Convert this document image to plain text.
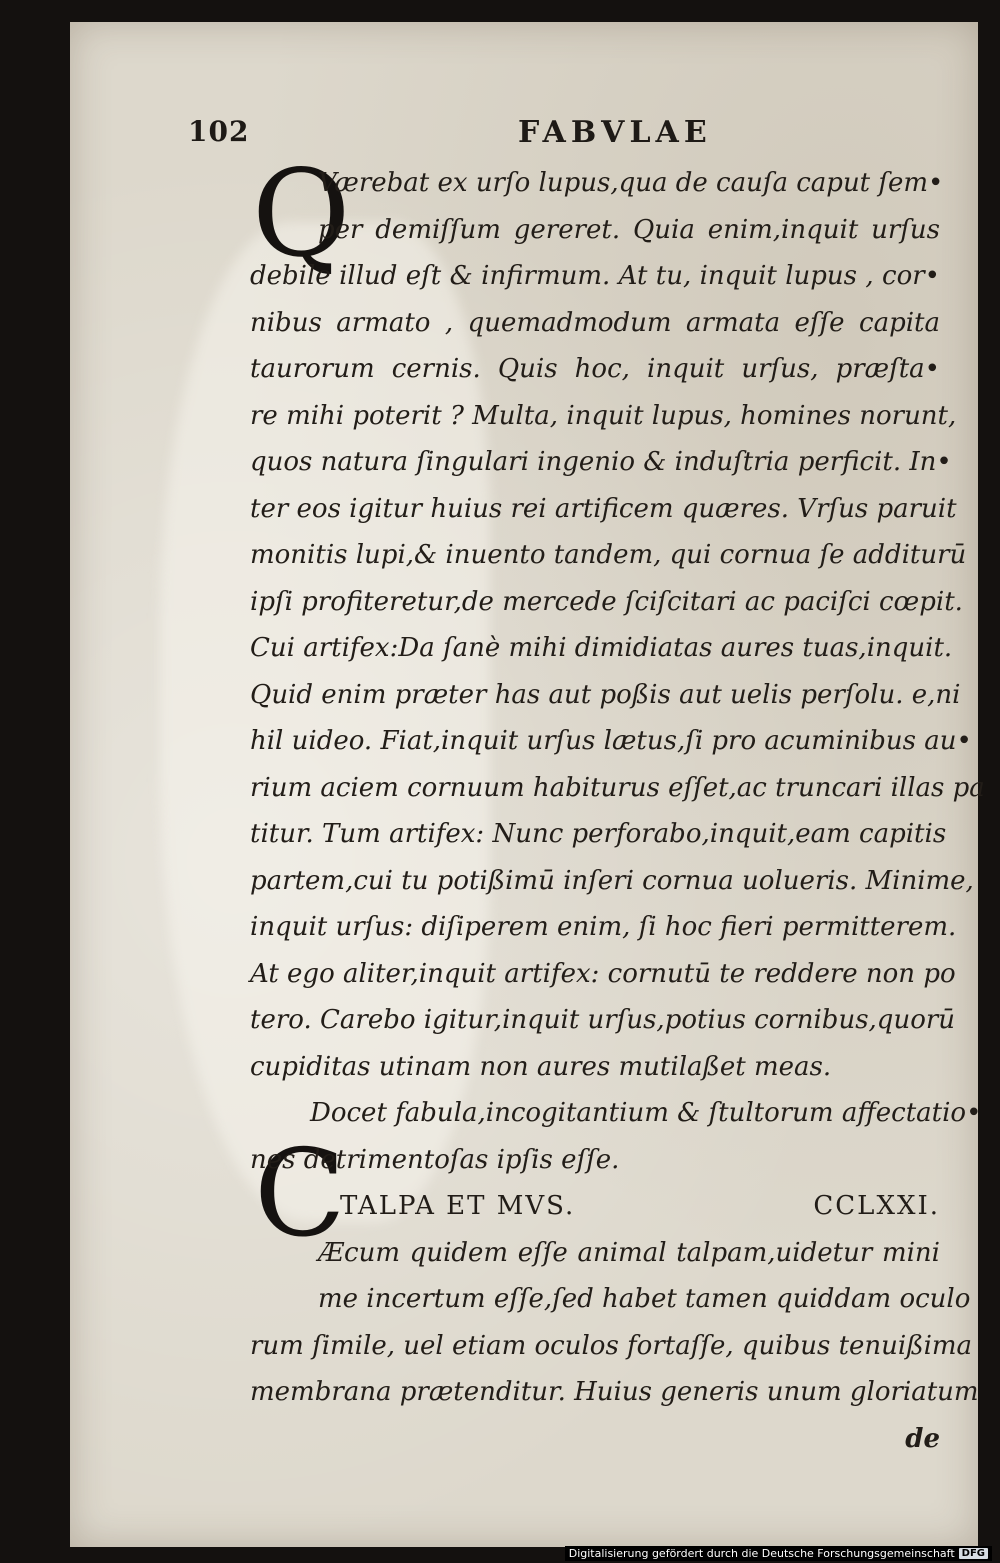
102	FABVLAE
Q
C
Værebat ex urſo lupus,qua de cauſa caput ſem•
per demiſſum gereret. Quia enim,inquit urſus
debile illud eſt & infirmum. At tu, inquit lupus , cor•
nibus armato , quemadmodum armata eſſe capita
taurorum cernis. Quis hoc, inquit urſus, præſta•
re mihi poterit ? Multa, inquit lupus, homines norunt,
quos natura ſingulari ingenio & induſtria perficit. In•
ter eos igitur huius rei artificem quæres. Vrſus paruit
monitis lupi,& inuento tandem, qui cornua ſe additurū
ipſi profiteretur,de mercede ſciſcitari ac paciſci cœpit.
Cui artifex:Da ſanè mihi dimidiatas aures tuas,inquit.
Quid enim præter has aut poßis aut uelis perſolu. e,ni
hil uideo. Fiat,inquit urſus lætus,ſi pro acuminibus au•
rium aciem cornuum habiturus eſſet,ac truncari illas pa
titur. Tum artifex: Nunc perforabo,inquit,eam capitis
partem,cui tu potißimū inſeri cornua uolueris. Minime,
inquit urſus: diſiperem enim, ſi hoc fieri permitterem.
At ego aliter,inquit artifex: cornutū te reddere non po
tero. Carebo igitur,inquit urſus,potius cornibus,quorū
cupiditas utinam non aures mutilaßet meas.
Docet fabula,incogitantium & ſtultorum affectatio•
nes detrimentoſas ipſis eſſe.
TALPA ET MVS.	CCLXXI.
Æcum quidem eſſe animal talpam,uidetur mini
me incertum eſſe,ſed habet tamen quiddam oculo
rum ſimile, uel etiam oculos fortaſſe, quibus tenuißima
membrana prætenditur. Huius generis unum gloriatum
de
Digitalisierung gefördert durch die Deutsche Forschungsgemeinschaft DFG
